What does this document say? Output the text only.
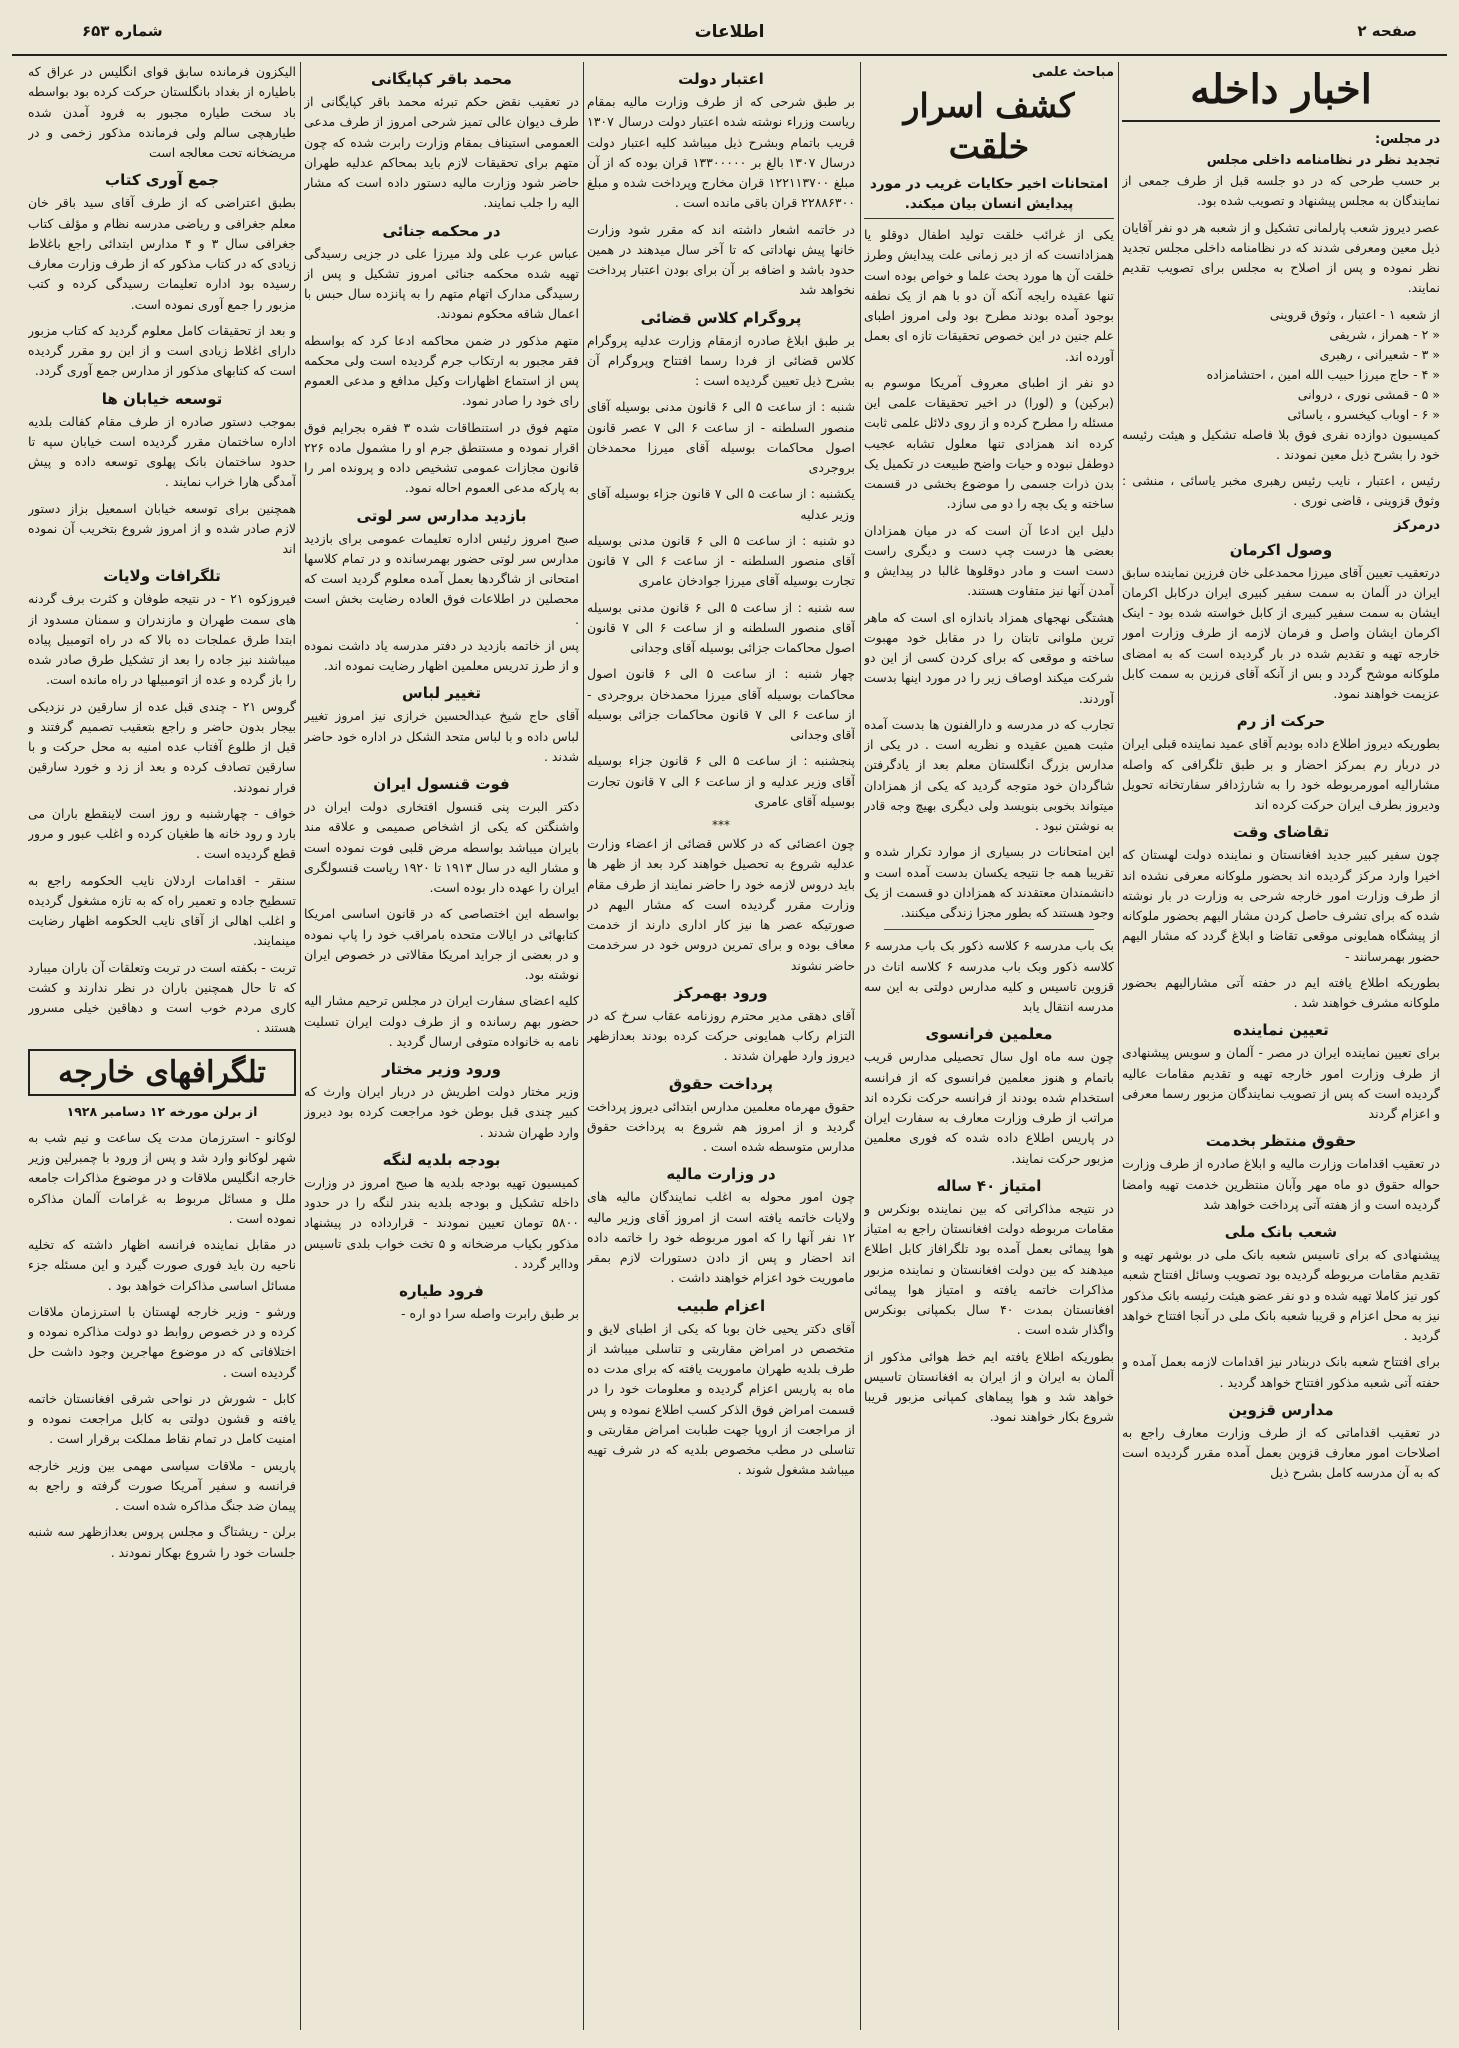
صفحه ۲
اطلاعات
شماره ۶۵۳
اخبار داخله
در مجلس:
تجدید نظر در نظامنامه داخلی مجلس

بر حسب طرحی که در دو جلسه قبل از طرف جمعی از نمایندگان به مجلس پیشنهاد و تصویب شده بود.

عصر دیروز شعب پارلمانی تشکیل و از شعبه هر دو نفر آقایان ذیل معین ومعرفی شدند که در نظامنامه داخلی مجلس تجدید نظر نموده و پس از اصلاح به مجلس برای تصویب تقدیم نمایند.

از شعبه ۱ - اعتبار ، وثوق قروینی

« ۲ - همراز ، شریفی

« ۳ - شعیرانی ، رهبری

« ۴ - حاج میرزا حبیب الله امین ، احتشامزاده

« ۵ - قمشی نوری ، دروانی

« ۶ - اوباب کیخسرو ، یاسائی

کمیسیون دوازده نفری فوق بلا فاصله تشکیل و هیئت رئیسه خود را بشرح ذیل معین نمودند .

رئیس ، اعتبار ، نایب رئیس رهبری مخبر یاسائی ، منشی : وثوق قزوینی ، قاضی نوری .

درمرکز
وصول اکرمان

درتعقیب تعیین آقای میرزا محمدعلی خان فرزین نماینده سابق ایران در آلمان به سمت سفیر کبیری ایران درکابل اکرمان ایشان به سمت سفیر کبیری از کابل خواسته شده بود - اینک اکرمان ایشان واصل و فرمان لازمه از طرف وزارت امور خارجه تهیه و تقدیم شده در بار گردیده است که به امضای ملوکانه موشح گردد و بس از آنکه آقای فرزین به سمت کابل عزیمت خواهند نمود.

حرکت از رم

بطوریکه دیروز اطلاع داده بودیم آقای عمید نماینده قبلی ایران در دربار رم بمرکز احضار و بر طبق تلگرافی که واصله مشارالیه امورمربوطه خود را به شارژدافر سفارتخانه تحویل ودیروز بطرف ایران حرکت کرده اند

تقاضای وقت

چون سفیر کبیر جدید افغانستان و نماینده دولت لهستان که اخیرا وارد مرکز گردیده اند بحضور ملوکانه معرفی نشده اند از طرف وزارت امور خارجه شرحی به وزارت در بار نوشته شده که برای تشرف حاصل کردن مشار الیهم بحضور ملوکانه از پیشگاه همایونی موقعی تقاضا و ابلاغ گردد که مشار الیهم حضور بهمرسانند -

بطوریکه اطلاع یافته ایم در حفته آتی مشارالیهم بحضور ملوکانه مشرف خواهند شد .

تعیین نماینده

برای تعیین نماینده ایران در مصر - آلمان و سویس پیشنهادی از طرف وزارت امور خارجه تهیه و تقدیم مقامات عالیه گردیده است که پس از تصویب نمایندگان مزبور رسما معرفی و اعزام گردند

حقوق منتظر بخدمت

در تعقیب اقدامات وزارت مالیه و ابلاغ صادره از طرف وزارت حواله حقوق دو ماه مهر وآبان منتظرین خدمت تهیه وامضا گردیده است و از هفته آتی پرداخت خواهد شد

شعب بانک ملی

پیشنهادی که برای تاسیس شعبه بانک ملی در بوشهر تهیه و تقدیم مقامات مربوطه گردیده بود تصویب وسائل افتتاح شعبه کور نیز کاملا تهیه شده و دو نفر عضو هیئت رئیسه بانک مذکور نیز به محل اعزام و قریبا شعبه بانک ملی در آنجا افتتاح خواهد گردید .

برای افتتاح شعبه بانک دربنادر نیز اقدامات لازمه بعمل آمده و حفته آتی شعبه مذکور افتتاح خواهد گردید .

مدارس قزوین

در تعقیب اقداماتی که از طرف وزارت معارف راجع به اصلاحات امور معارف قزوین بعمل آمده مقرر گردیده است که به آن مدرسه کامل بشرح ذیل

مباحث علمی

کشف اسرار خلقت
امتحانات اخیر حکایات غریب در مورد پیدایش انسان بیان میکند.

یکی از غرائب خلقت تولید اطفال دوقلو یا همزادانست که از دیر زمانی علت پیدایش وطرز خلقت آن ها مورد بحث علما و خواص بوده است تنها عقیده رایجه آنکه آن دو با هم از یک نطفه بوجود آمده بودند مطرح بود ولی امروز اطبای علم جنین در این خصوص تحقیقات تازه ای بعمل آورده اند.

دو نفر از اطبای معروف آمریکا موسوم به (برکین) و (لورا) در اخیر تحقیقات علمی این مسئله را مطرح کرده و از روی دلائل علمی ثابت کرده اند همزادی تنها معلول تشابه عجیب دوطفل نبوده و حیات واضح طبیعت در تکمیل یک بدن ذرات جسمی را موضوع بخشی در قسمت ساخته و یک بچه را دو می سازد.

دلیل این ادعا آن است که در میان همزادان بعضی ها درست چپ دست و دیگری راست دست است و مادر دوقلوها غالبا در پیدایش و آمدن آنها نیز متفاوت هستند.

هشتگی نهجهای همزاد باندازه ای است که ماهر ترین ملوانی تابتان را در مقابل خود مهبوت ساخته و موقعی که برای کردن کسی از این دو شرکت میکند اوصاف زیر را در مورد اینها بدست آوردند.

تجارب که در مدرسه و دارالفنون ها بدست آمده مثبت همین عقیده و نظریه است . در یکی از مدارس بزرگ انگلستان معلم بعد از یادگرفتن شاگردان خود متوجه گردید که یکی از همزادان میتواند بخوبی بنویسد ولی دیگری بهیچ وجه قادر به نوشتن نبود .

این امتحانات در بسیاری از موارد تکرار شده و تقریبا همه جا نتیجه یکسان بدست آمده است و دانشمندان معتقدند که همزادان دو قسمت از یک وجود هستند که بطور مجزا زندگی میکنند.

بک باب مدرسه ۶ کلاسه ذکور بک باب مدرسه ۶ کلاسه ذکور وبک باب مدرسه ۶ کلاسه اناث در قزوین تاسیس و کلیه مدارس دولتی به این سه مدرسه انتقال یابد

معلمین فرانسوی

چون سه ماه اول سال تحصیلی مدارس قریب باتمام و هنوز معلمین فرانسوی که از فرانسه استخدام شده بودند از فرانسه حرکت نکرده اند مراتب از طرف وزارت معارف به سفارت ایران در پاریس اطلاع داده شده که فوری معلمین مزبور حرکت نمایند.

امتیاز ۴۰ ساله

در نتیجه مذاکراتی که بین نماینده بونکرس و مقامات مربوطه دولت افغانستان راجع به امتیاز هوا پیمائی بعمل آمده بود تلگرافاز کابل اطلاع میدهند که بین دولت افغانستان و نماینده مزبور مذاکرات خاتمه یافته و امتیاز هوا پیمائی افغانستان بمدت ۴۰ سال بکمپانی بونکرس واگذار شده است .

بطوریکه اطلاع یافته ایم خط هوائی مذکور از آلمان به ایران و از ایران به افغانستان تاسیس خواهد شد و هوا پیماهای کمپانی مزبور قریبا شروع بکار خواهند نمود.

اعتبار دولت

بر طبق شرحی که از طرف وزارت مالیه بمقام ریاست وزراء نوشته شده اعتبار دولت درسال ۱۳۰۷ قریب باتمام وبشرح ذیل میباشد کلیه اعتبار دولت درسال ۱۳۰۷ بالغ بر ۱۳۳۰۰۰۰۰ قران بوده که از آن مبلغ ۱۲۲۱۱۳۷۰۰ قران مخارج وپرداخت شده و مبلغ ۲۲۸۸۶۳۰۰ قران باقی مانده است .

در خاتمه اشعار داشته اند که مقرر شود وزارت خانها پیش نهاداتی که تا آخر سال میدهند در همین حدود باشد و اضافه بر آن برای بودن اعتبار پرداخت نخواهد شد

پروگرام کلاس قضائی

بر طبق ابلاغ صادره ازمقام وزارت عدلیه پروگرام کلاس قضائی از فردا رسما افتتاح وپروگرام آن بشرح ذیل تعیین گردیده است :

شنبه : از ساعت ۵ الی ۶ قانون مدنی بوسیله آقای منصور السلطنه - از ساعت ۶ الی ۷ عصر قانون اصول محاکمات بوسیله آقای میرزا محمدخان بروجردی

یکشنبه : از ساعت ۵ الی ۷ قانون جزاء بوسیله آقای وزیر عدلیه

دو شنبه : از ساعت ۵ الی ۶ قانون مدنی بوسیله آقای منصور السلطنه - از ساعت ۶ الی ۷ قانون تجارت بوسیله آقای میرزا جوادخان عامری

سه شنبه : از ساعت ۵ الی ۶ قانون مدنی بوسیله آقای منصور السلطنه و از ساعت ۶ الی ۷ قانون اصول محاکمات جزائی بوسیله آقای وجدانی

چهار شنبه : از ساعت ۵ الی ۶ قانون اصول محاکمات بوسیله آقای میرزا محمدخان بروجردی - از ساعت ۶ الی ۷ قانون محاکمات جزائی بوسیله آقای وجدانی

پنجشنبه : از ساعت ۵ الی ۶ قانون جزاء بوسیله آقای وزیر عدلیه و از ساعت ۶ الی ۷ قانون تجارت بوسیله آقای عامری

***

چون اعضائی که در کلاس قضائی از اعضاء وزارت عدلیه شروع به تحصیل خواهند کرد بعد از ظهر ها باید دروس لازمه خود را حاضر نمایند از طرف مقام وزارت مقرر گردیده است که مشار الیهم در صورتیکه عصر ها نیز کار اداری دارند از خدمت معاف بوده و برای تمرین دروس خود در سرخدمت حاضر نشوند

ورود بهمرکز

آقای دهقی مدیر محترم روزنامه عقاب سرخ که در التزام رکاب همایونی حرکت کرده بودند بعدازظهر دیروز وارد طهران شدند .

پرداخت حقوق

حقوق مهرماه معلمین مدارس ابتدائی دیروز پرداخت گردید و از امروز هم شروع به پرداخت حقوق مدارس متوسطه شده است .

در وزارت مالیه

چون امور محوله به اغلب نمایندگان مالیه های ولایات خاتمه یافته است از امروز آقای وزیر مالیه ۱۲ نفر آنها را که امور مربوطه خود را خاتمه داده اند احضار و پس از دادن دستورات لازم بمقر ماموریت خود اعزام خواهند داشت .

اعزام طبیب

آقای دکتر یحیی خان بوبا که یکی از اطبای لایق و متخصص در امراض مقاربتی و تناسلی میباشد از طرف بلدیه طهران ماموریت یافته که برای مدت ده ماه به پاریس اعزام گردیده و معلومات خود را در قسمت امراض فوق الذکر کسب اطلاع نموده و پس از مراجعت از اروپا جهت طبابت امراض مقاربتی و تناسلی در مطب مخصوص بلدیه که در شرف تهیه میباشد مشغول شوند .

محمد باقر کپایگانی

در تعقیب نقض حکم تبرئه محمد باقر کپایگانی از طرف دیوان عالی تمیز شرحی امروز از طرف مدعی العمومی استیناف بمقام وزارت رابرت شده که چون متهم برای تحقیقات لازم باید بمحاکم عدلیه طهران حاضر شود وزارت مالیه دستور داده است که مشار الیه را جلب نمایند.

در محکمه جنائی

عباس عرب علی ولد میرزا علی در جزیی رسیدگی تهیه شده محکمه جنائی امروز تشکیل و پس از رسیدگی مدارک اتهام متهم را به پانزده سال حبس با اعمال شاقه محکوم نمودند.

متهم مذکور در ضمن محاکمه ادعا کرد که بواسطه فقر مجبور به ارتکاب جرم گردیده است ولی محکمه پس از استماع اظهارات وکیل مدافع و مدعی العموم رای خود را صادر نمود.

متهم فوق در استنطاقات شده ۳ فقره بجرایم فوق اقرار نموده و مستنطق جرم او را مشمول ماده ۲۲۶ قانون مجازات عمومی تشخیص داده و پرونده امر را به پارکه مدعی العموم احاله نمود.

بازدید مدارس سر لوتی

صبح امروز رئیس اداره تعلیمات عمومی برای بازدید مدارس سر لوتی حضور بهمرسانده و در تمام کلاسها امتحانی از شاگردها بعمل آمده معلوم گردید است که محصلین در اطلاعات فوق العاده رضایت بخش است .

پس از خاتمه بازدید در دفتر مدرسه یاد داشت نموده و از طرز تدریس معلمین اظهار رضایت نموده اند.

تغییر لباس

آقای حاج شیخ عبدالحسین خرازی نیز امروز تغییر لباس داده و با لباس متحد الشکل در اداره خود حاضر شدند .

فوت قنسول ایران

دکتر البرت پنی قنسول افتخاری دولت ایران در واشنگتن که یکی از اشخاص صمیمی و علاقه مند بایران میباشد بواسطه مرض قلبی فوت نموده است و مشار الیه در سال ۱۹۱۳ تا ۱۹۲۰ ریاست قنسولگری ایران را عهده دار بوده است.

بواسطه این اختصاصی که در قانون اساسی امریکا کتابهائی در ایالات متحده بامراقب خود را پاپ نموده و در بعضی از جراید امریکا مقالاتی در خصوص ایران نوشته بود.

کلیه اعضای سفارت ایران در مجلس ترحیم مشار الیه حضور بهم رسانده و از طرف دولت ایران تسلیت نامه به خانواده متوفی ارسال گردید .

ورود وزیر مختار

وزیر مختار دولت اطریش در دربار ایران وارث که کبیر چندی قبل بوطن خود مراجعت کرده بود دیروز وارد طهران شدند .

بودجه بلدیه لنگه

کمیسیون تهیه بودجه بلدیه ها صبح امروز در وزارت داخله تشکیل و بودجه بلدیه بندر لنگه را در حدود ۵۸۰۰ تومان تعیین نمودند - قرارداده در پیشنهاد مذکور بکیاب مرضخانه و ۵ تخت خواب بلدی تاسیس وداایر گردد .

فرود طیاره

بر طبق رابرت واصله سرا دو اره -

الیکزون فرمانده سابق قوای انگلیس در عراق که باطیاره از بغداد بانگلستان حرکت کرده بود بواسطه باد سخت طیاره مجبور به فرود آمدن شده طیارهچی سالم ولی فرمانده مذکور زخمی و در مریضخانه تحت معالجه است

جمع آوری کتاب

بطبق اعتراضی که از طرف آقای سید باقر خان معلم جغرافی و ریاضی مدرسه نظام و مؤلف کتاب جغرافی سال ۳ و ۴ مدارس ابتدائی راجع باغلاط زیادی که در کتاب مذکور که از طرف وزارت معارف رسیده بود اداره تعلیمات رسیدگی کرده و کتب مزبور را جمع آوری نموده است.

و بعد از تحقیقات کامل معلوم گردید که کتاب مزبور دارای اغلاط زیادی است و از این رو مقرر گردیده است که کتابهای مذکور از مدارس جمع آوری گردد.

توسعه خیابان ها

بموجب دستور صادره از طرف مقام کفالت بلدیه اداره ساختمان مقرر گردیده است خیابان سپه تا حدود ساختمان بانک پهلوی توسعه داده و پیش آمدگی هارا خراب نمایند .

همچنین برای توسعه خیابان اسمعیل بزاز دستور لازم صادر شده و از امروز شروع بتخریب آن نموده اند

تلگرافات ولایات

فیروزکوه ۲۱ - در نتیجه طوفان و کثرت برف گردنه های سمت طهران و مازندران و سمنان مسدود از ابتدا طرق عملجات ده بالا که در راه اتومبیل پیاده میباشند نیز جاده را بعد از تشکیل طرق صادر شده را باز گرده و عده از اتومبیلها در راه مانده است.

گروس ۲۱ - چندی قبل عده از سارقین در نزدیکی بیجار بدون حاضر و راجع بتعقیب تصمیم گرفتند و قبل از طلوع آفتاب عده امنیه به محل حرکت و با سارقین تصادف کرده و بعد از زد و خورد سارقین فرار نمودند.

خواف - چهارشنبه و روز است لاینقطع باران می بارد و رود خانه ها طغیان کرده و اغلب عبور و مرور قطع گردیده است .

سنقر - اقدامات اردلان نایب الحکومه راجع به تسطیح جاده و تعمیر راه که به تازه مشغول گردیده و اغلب اهالی از آقای نایب الحکومه اظهار رضایت مینمایند.

تربت - بکفته است در تربت وتعلقات آن باران میبارد که تا حال همچنین باران در نظر ندارند و کشت کاری مردم خوب است و دهاقین خیلی مسرور هستند .

تلگرافهای خارجه

از برلن مورخه ۱۲ دسامبر ۱۹۲۸

لوکانو - استرزمان مدت یک ساعت و نیم شب به شهر لوکانو وارد شد و پس از ورود با چمبرلین وزیر خارجه انگلیس ملاقات و در موضوع مذاکرات جامعه ملل و مسائل مربوط به غرامات آلمان مذاکره نموده است .

در مقابل نماینده فرانسه اظهار داشته که تخلیه ناحیه رن باید فوری صورت گیرد و این مسئله جزء مسائل اساسی مذاکرات خواهد بود .

ورشو - وزیر خارجه لهستان با استرزمان ملاقات کرده و در خصوص روابط دو دولت مذاکره نموده و اختلافاتی که در موضوع مهاجرین وجود داشت حل گردیده است .

کابل - شورش در نواحی شرقی افغانستان خاتمه یافته و قشون دولتی به کابل مراجعت نموده و امنیت کامل در تمام نقاط مملکت برقرار است .

پاریس - ملاقات سیاسی مهمی بین وزیر خارجه فرانسه و سفیر آمریکا صورت گرفته و راجع به پیمان ضد جنگ مذاکره شده است .

برلن - ریشتاگ و مجلس پروس بعدازظهر سه شنبه جلسات خود را شروع بهکار نمودند .
